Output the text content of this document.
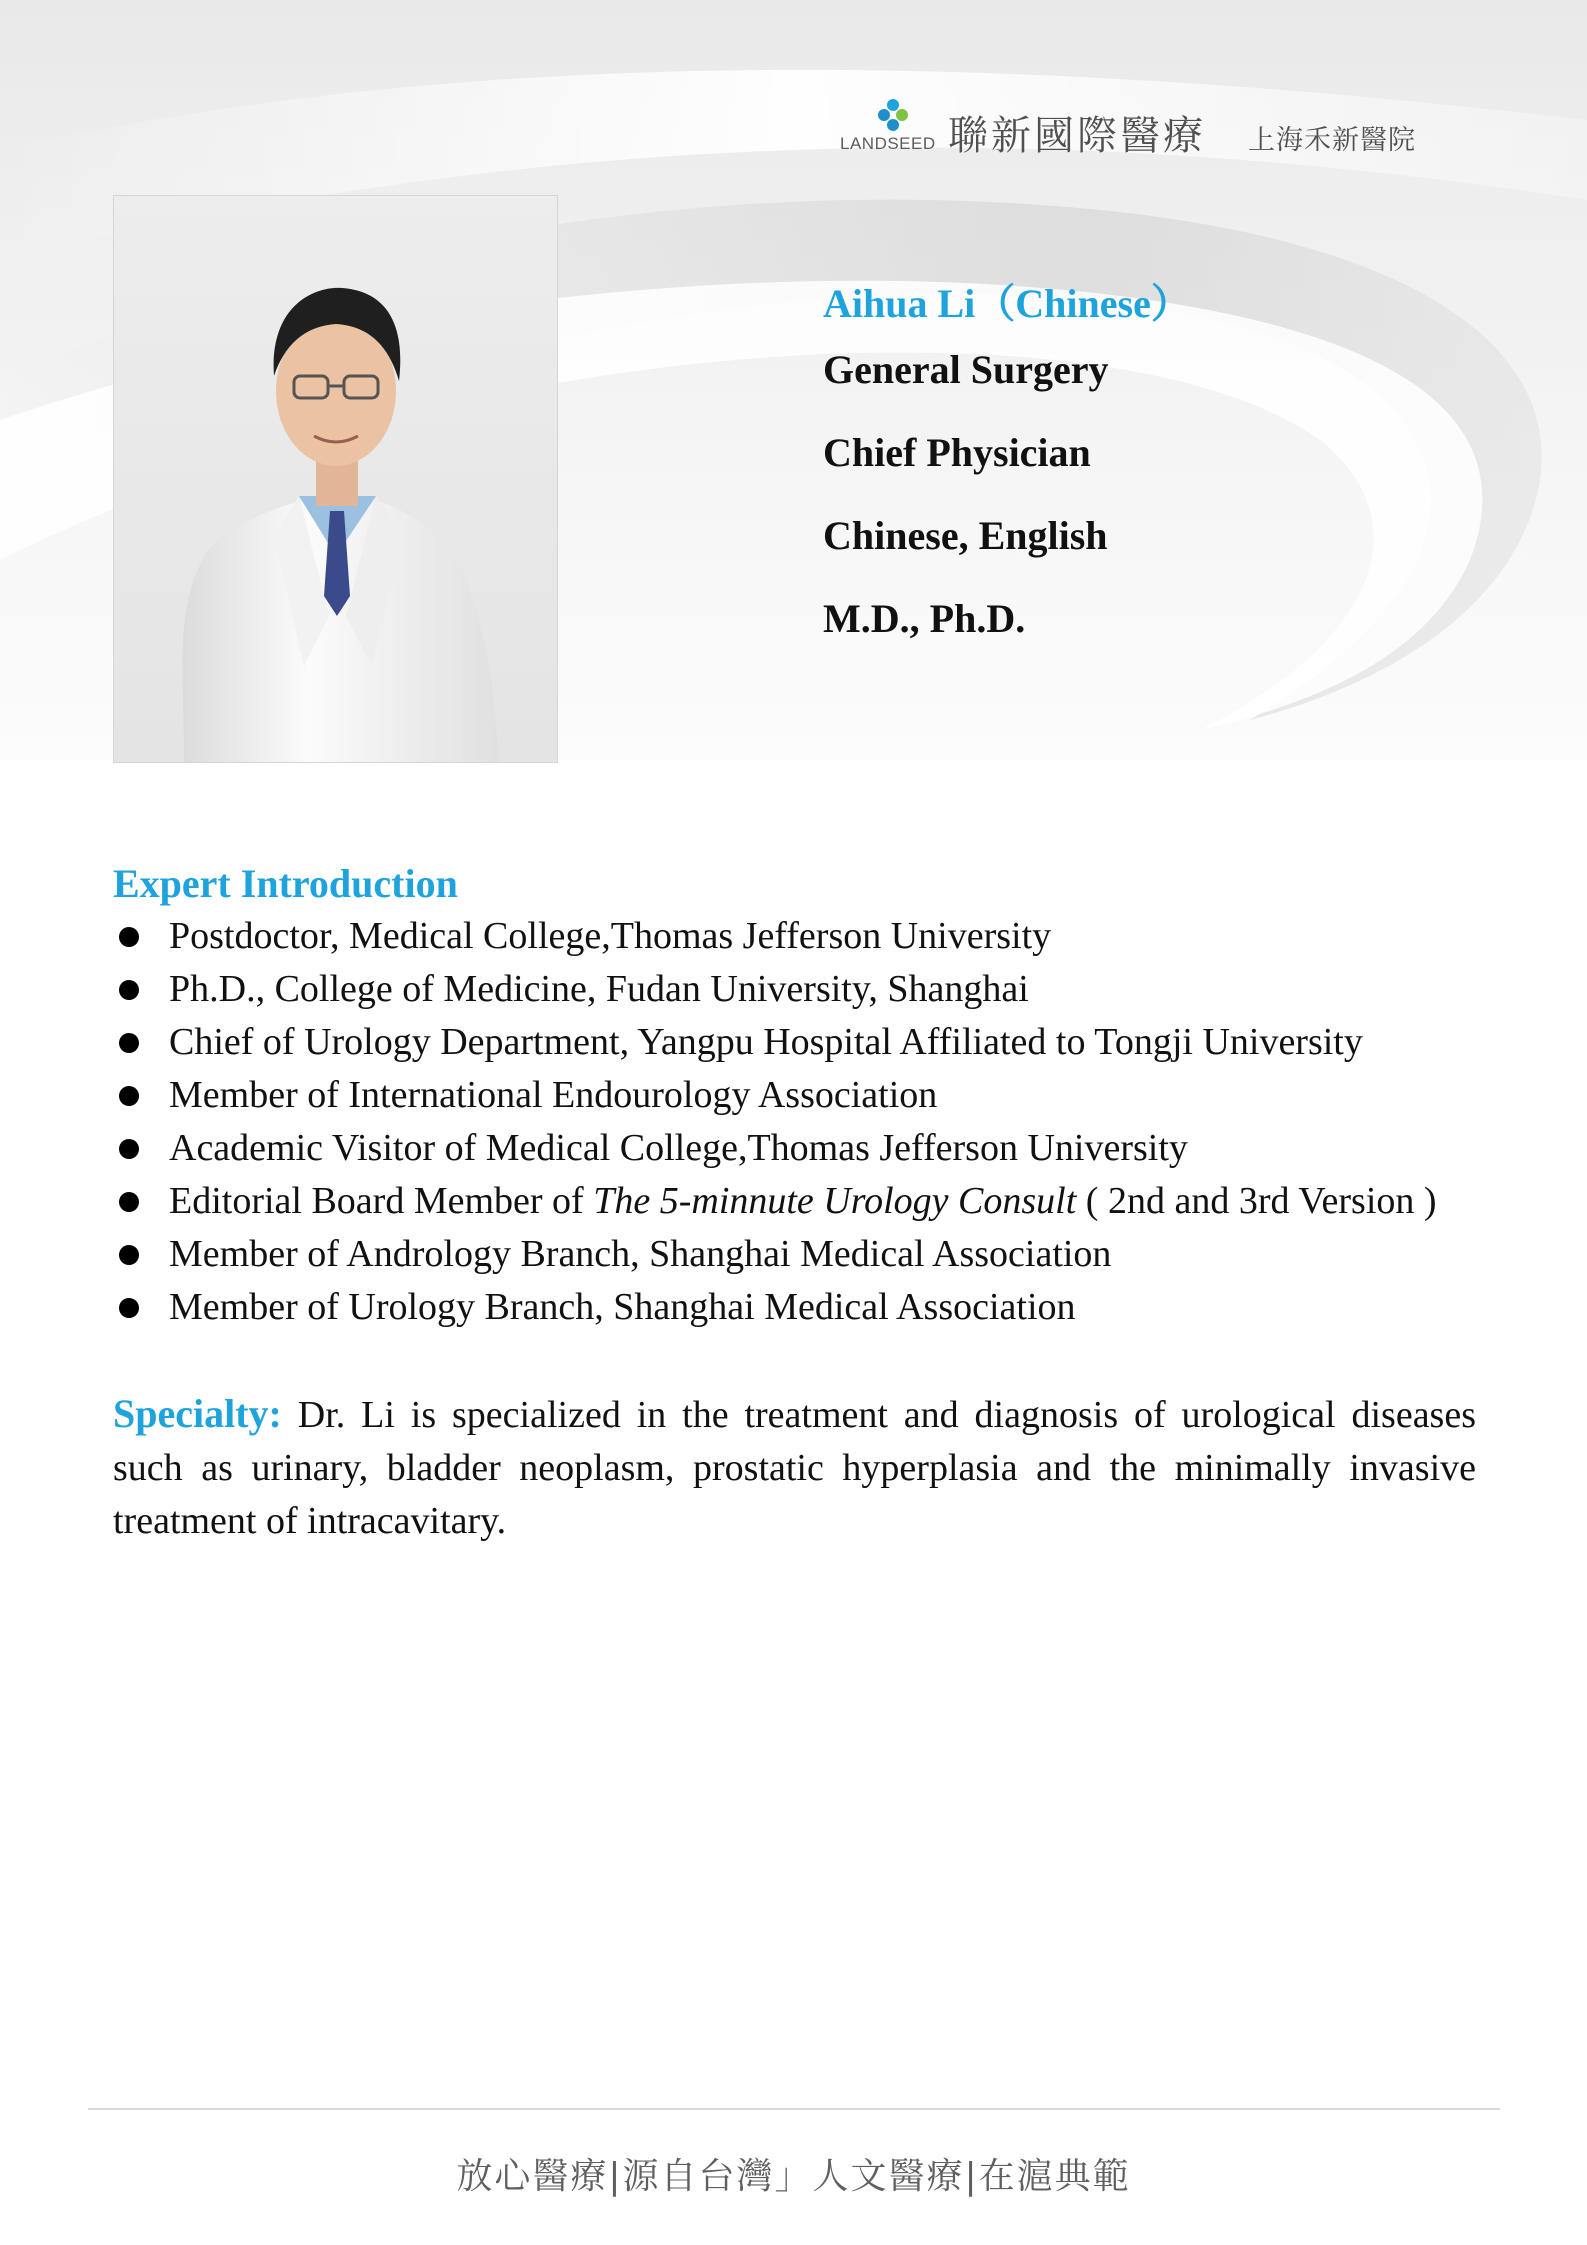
LANDSEED 聯新國際醫療 上海禾新醫院

Aihua Li（Chinese）

General Surgery

Chief Physician

Chinese, English

M.D., Ph.D.

Expert Introduction

Postdoctor, Medical College,Thomas Jefferson University
Ph.D., College of Medicine, Fudan University, Shanghai
Chief of Urology Department, Yangpu Hospital Affiliated to Tongji University
Member of International Endourology Association
Academic Visitor of Medical College,Thomas Jefferson University
Editorial Board Member of The 5-minnute Urology Consult ( 2nd and 3rd Version )
Member of Andrology Branch, Shanghai Medical Association
Member of Urology Branch, Shanghai Medical Association

Specialty: Dr. Li is specialized in the treatment and diagnosis of urological diseases such as urinary, bladder neoplasm, prostatic hyperplasia and the minimally invasive treatment of intracavitary.

放心醫療|源自台灣」人文醫療|在滬典範
